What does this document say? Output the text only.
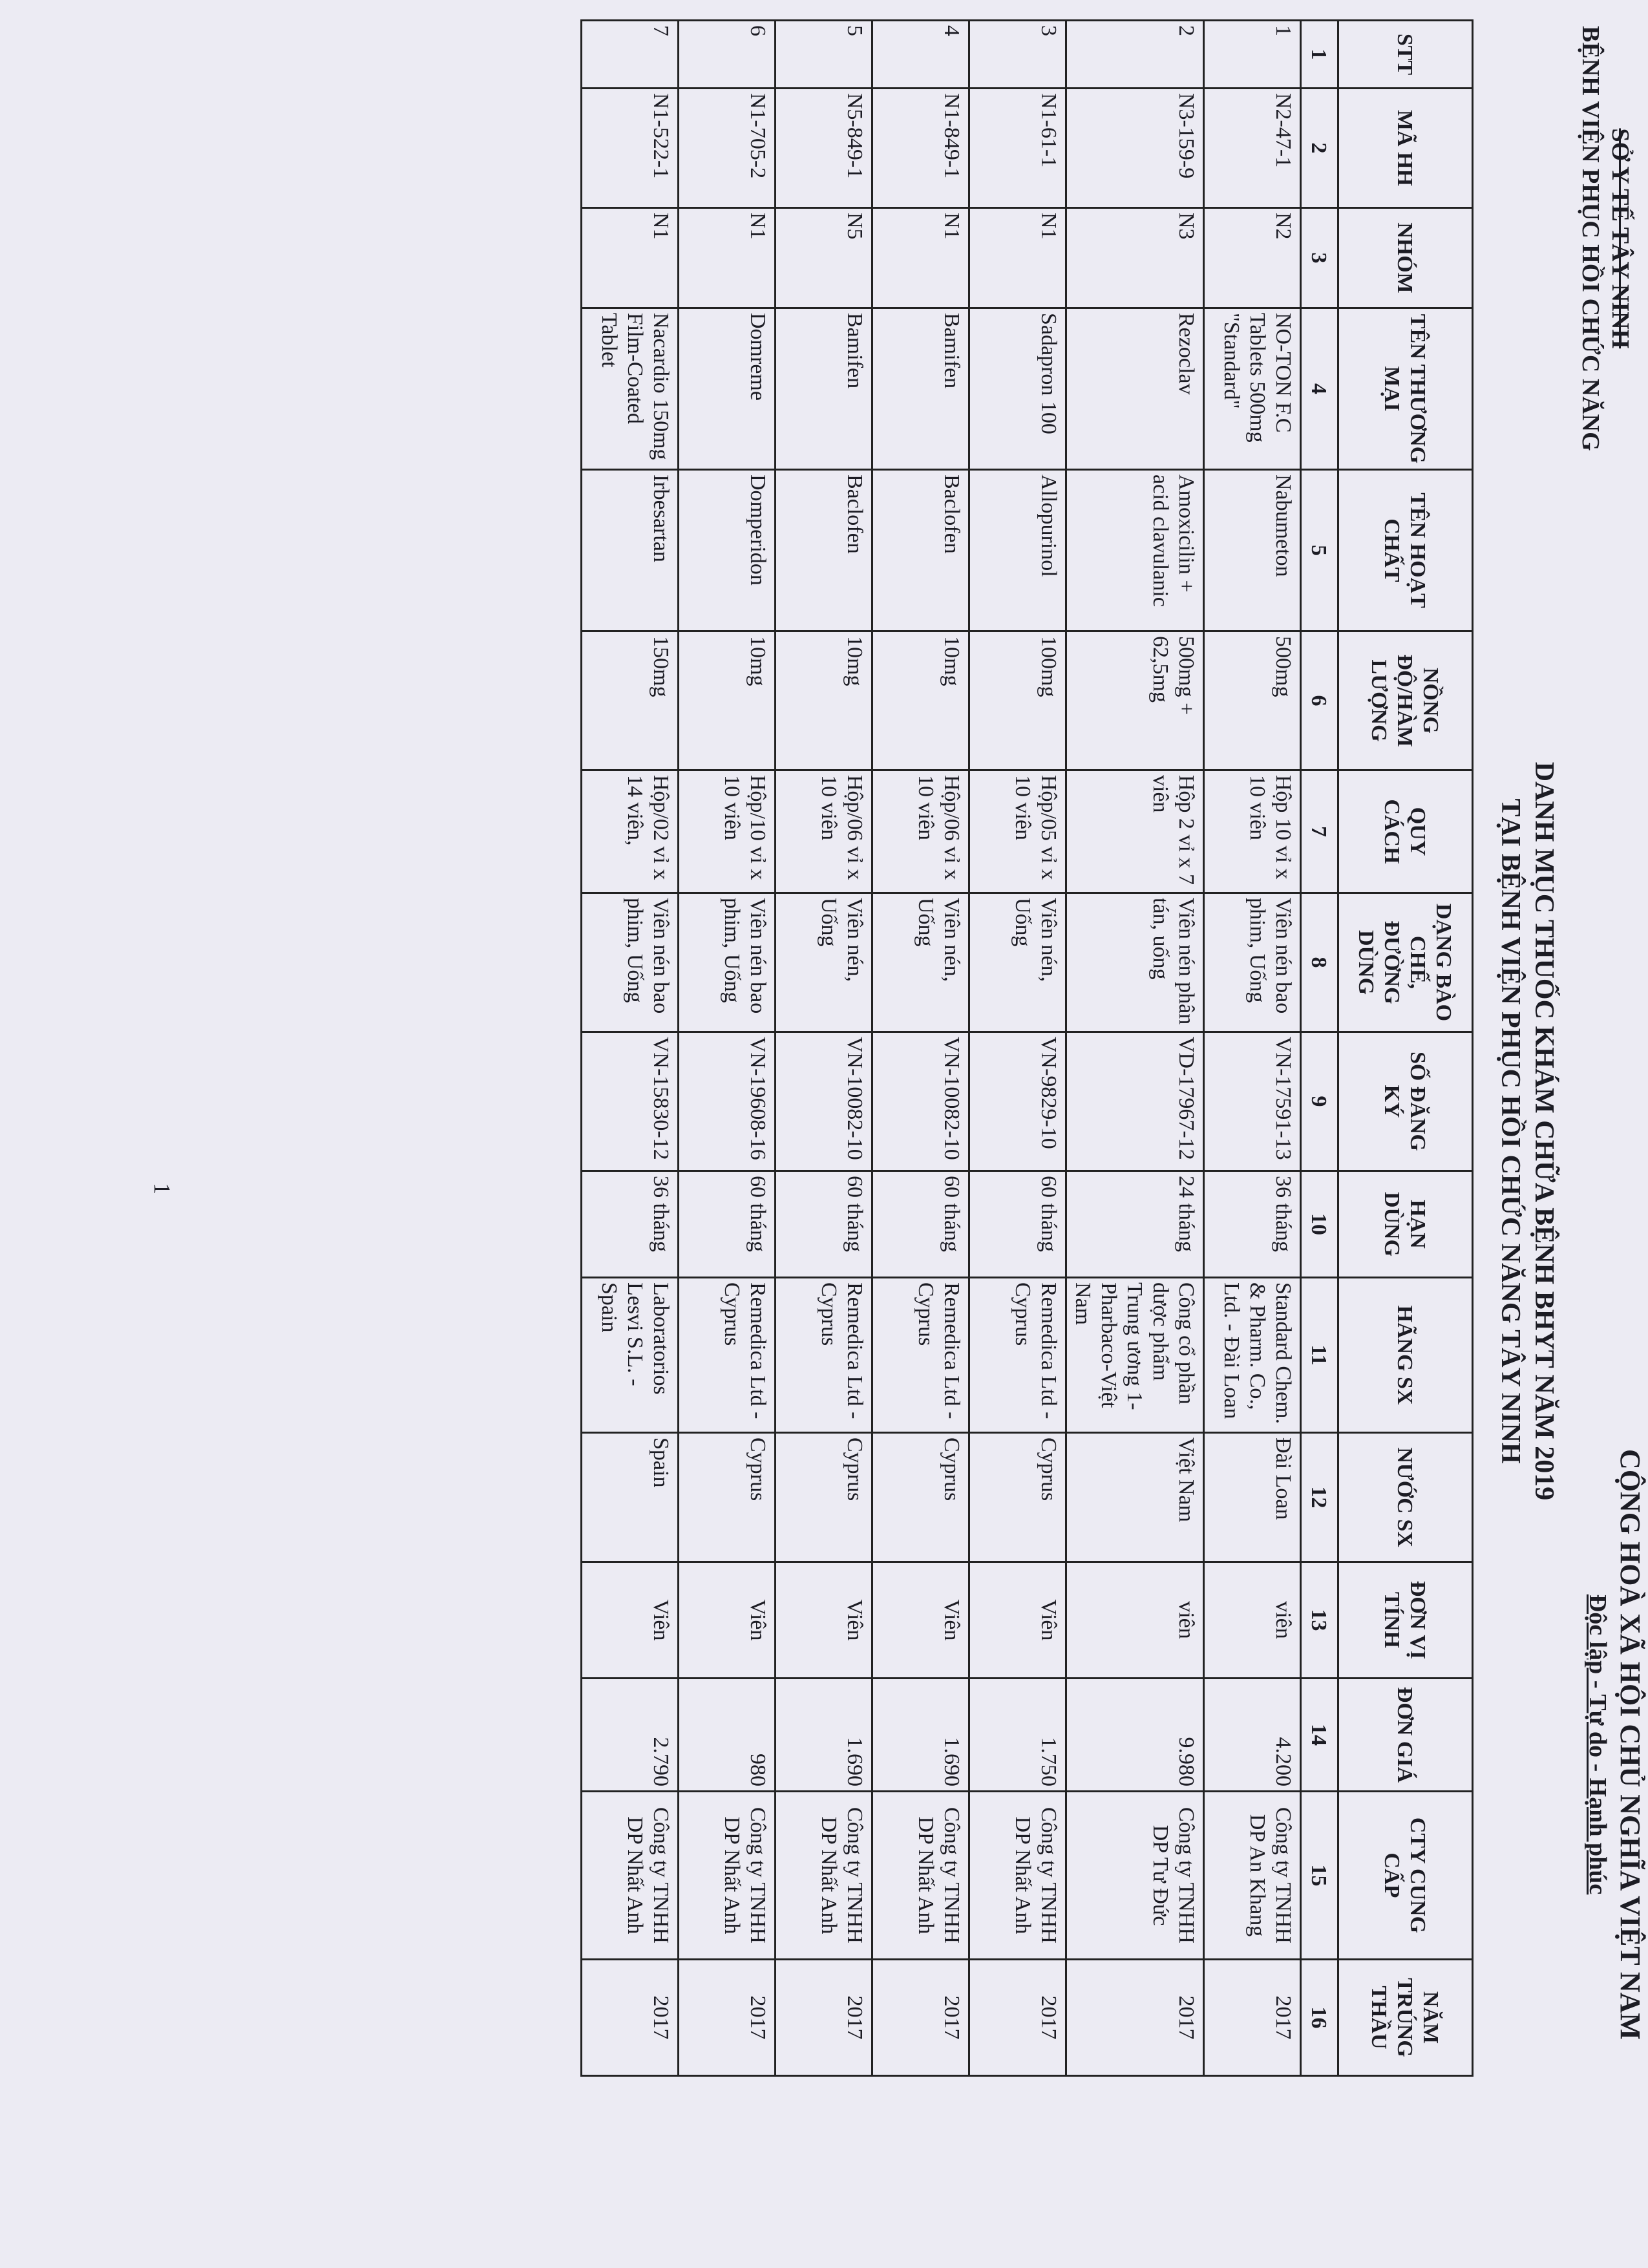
SỞ Y TẾ TÂY NINH
BỆNH VIỆN PHỤC HỒI CHỨC NĂNG
CỘNG HOÀ XÃ HỘI CHỦ NGHĨA VIỆT NAM
Độc lập - Tự do - Hạnh phúc
DANH MỤC THUỐC KHÁM CHỮA BỆNH BHYT NĂM 2019
TẠI BỆNH VIỆN PHỤC HỒI CHỨC NĂNG TÂY NINH
STT	MÃ HH	NHÓM	TÊN THƯƠNG MẠI	TÊN HOẠT CHẤT	NỒNG ĐỘ/HÀM LƯỢNG	QUY CÁCH	DẠNG BÀO CHẾ, ĐƯỜNG DÙNG	SỐ ĐĂNG KÝ	HẠN DÙNG	HÃNG SX	NƯỚC SX	ĐƠN VỊ TÍNH	ĐƠN GIÁ	CTY CUNG CẤP	NĂM TRÚNG THẦU
1	2	3	4	5	6	7	8	9	10	11	12	13	14	15	16
1	N2-47-1	N2	NO-TON F.C Tablets 500mg "Standard"	Nabumeton	500mg	Hộp 10 vỉ x 10 viên	Viên nén bao phim, Uống	VN-17591-13	36 tháng	Standard Chem. & Pharm. Co., Ltd. - Đài Loan	Đài Loan	viên	4.200	Công ty TNHH DP An Khang	2017
2	N3-159-9	N3	Rezoclav	Amoxicilin + acid clavulanic	500mg + 62,5mg	Hộp 2 vỉ x 7 viên	Viên nén phân tán, uống	VD-17967-12	24 tháng	Công cổ phần dược phẩm Trung ương 1-Pharbaco-Việt Nam	Việt Nam	viên	9.980	Công ty TNHH DP Tư Đức	2017
3	N1-61-1	N1	Sadapron 100	Allopurinol	100mg	Hộp/05 vỉ x 10 viên	Viên nén, Uống	VN-9829-10	60 tháng	Remedica Ltd - Cyprus	Cyprus	Viên	1.750	Công ty TNHH DP Nhất Anh	2017
4	N1-849-1	N1	Bamifen	Baclofen	10mg	Hộp/06 vỉ x 10 viên	Viên nén, Uống	VN-10082-10	60 tháng	Remedica Ltd - Cyprus	Cyprus	Viên	1.690	Công ty TNHH DP Nhất Anh	2017
5	N5-849-1	N5	Bamifen	Baclofen	10mg	Hộp/06 vỉ x 10 viên	Viên nén, Uống	VN-10082-10	60 tháng	Remedica Ltd - Cyprus	Cyprus	Viên	1.690	Công ty TNHH DP Nhất Anh	2017
6	N1-705-2	N1	Domreme	Domperidon	10mg	Hộp/10 vỉ x 10 viên	Viên nén bao phim, Uống	VN-19608-16	60 tháng	Remedica Ltd - Cyprus	Cyprus	Viên	980	Công ty TNHH DP Nhất Anh	2017
7	N1-522-1	N1	Nacardio 150mg Film-Coated Tablet	Irbesartan	150mg	Hộp/02 vỉ x 14 viên,	Viên nén bao phim, Uống	VN-15830-12	36 tháng	Laboratorios Lesvi S.L. -Spain	Spain	Viên	2.790	Công ty TNHH DP Nhất Anh	2017
1
